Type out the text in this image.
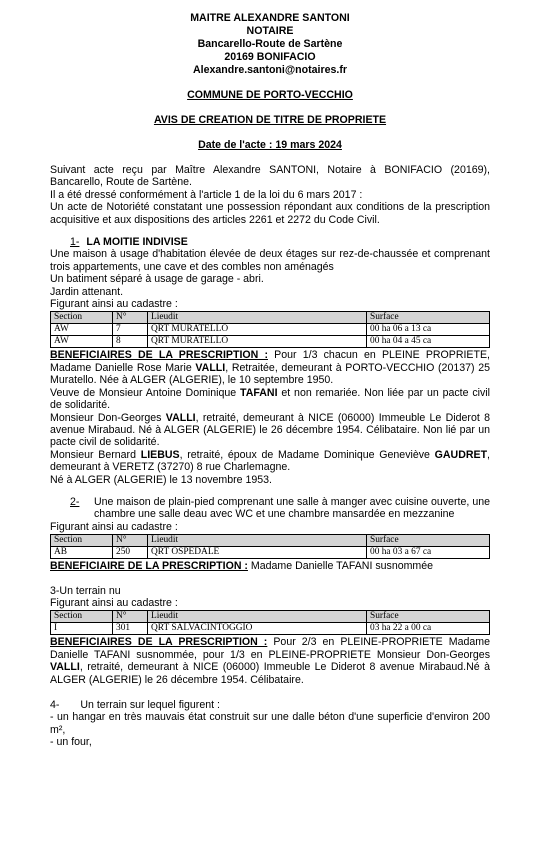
MAITRE ALEXANDRE SANTONI
NOTAIRE
Bancarello-Route de Sartène
20169 BONIFACIO
Alexandre.santoni@notaires.fr
COMMUNE DE PORTO-VECCHIO
AVIS DE CREATION DE TITRE DE PROPRIETE
Date de l'acte : 19 mars 2024

Suivant acte reçu par Maître Alexandre SANTONI, Notaire à BONIFACIO (20169), Bancarello, Route de Sartène.

Il a été dressé conformément à l'article 1 de la loi du 6 mars 2017 :

Un acte de Notoriété constatant une possession répondant aux conditions de la prescription acquisitive et aux dispositions des articles 2261 et 2272 du Code Civil.

1- LA MOITIE INDIVISE

Une maison à usage d'habitation élevée de deux étages sur rez-de-chaussée et comprenant trois appartements, une cave et des combles non aménagés

Un batiment séparé à usage de garage - abri.

Jardin attenant.

Figurant ainsi au cadastre :

Section	N°	Lieudit	Surface
AW	7	QRT MURATELLO	00 ha 06 a 13 ca
AW	8	QRT MURATELLO	00 ha 04 a 45 ca

BENEFICIAIRES DE LA PRESCRIPTION : Pour 1/3 chacun en PLEINE PROPRIETE, Madame Danielle Rose Marie VALLI, Retraitée, demeurant à PORTO-VECCHIO (20137) 25 Muratello. Née à ALGER (ALGERIE), le 10 septembre 1950.

Veuve de Monsieur Antoine Dominique TAFANI et non remariée. Non liée par un pacte civil de solidarité.

Monsieur Don-Georges VALLI, retraité, demeurant à NICE (06000) Immeuble Le Diderot 8 avenue Mirabaud. Né à ALGER (ALGERIE) le 26 décembre 1954. Célibataire. Non lié par un pacte civil de solidarité.

Monsieur Bernard LIEBUS, retraité, époux de Madame Dominique Geneviève GAUDRET, demeurant à VERETZ (37270) 8 rue Charlemagne.

Né à ALGER (ALGERIE) le 13 novembre 1953.

2-	Une maison de plain-pied comprenant une salle à manger avec cuisine ouverte, une chambre une salle deau avec WC et une chambre mansardée en mezzanine

Figurant ainsi au cadastre :

Section	N°	Lieudit	Surface
AB	250	QRT OSPEDALE	00 ha 03 a 67 ca

BENEFICIAIRE DE LA PRESCRIPTION : Madame Danielle TAFANI susnommée

3-Un terrain nu

Figurant ainsi au cadastre :

Section	N°	Lieudit	Surface
I	301	QRT SALVACINTOGGIO	03 ha 22 a 00 ca

BENEFICIAIRES DE LA PRESCRIPTION : Pour 2/3 en PLEINE-PROPRIETE Madame Danielle TAFANI susnommée, pour 1/3 en PLEINE-PROPRIETE Monsieur Don-Georges VALLI, retraité, demeurant à NICE (06000) Immeuble Le Diderot 8 avenue Mirabaud.Né à ALGER (ALGERIE) le 26 décembre 1954. Célibataire.

4- Un terrain sur lequel figurent :

- un hangar en très mauvais état construit sur une dalle béton d'une superficie d'environ 200 m²,

- un four,
